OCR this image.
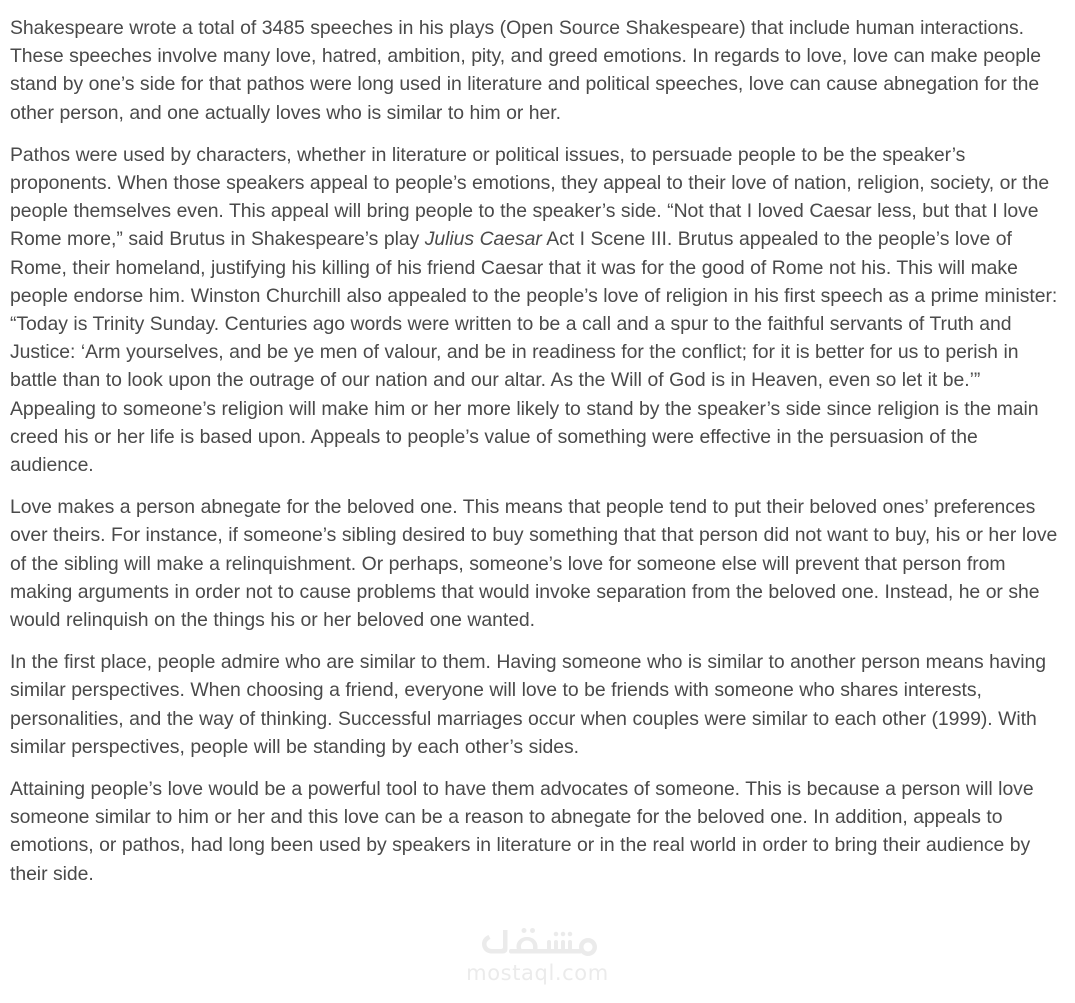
Shakespeare wrote a total of 3485 speeches in his plays (Open Source Shakespeare) that include human interactions. These speeches involve many love, hatred, ambition, pity, and greed emotions. In regards to love, love can make people stand by one’s side for that pathos were long used in literature and political speeches, love can cause abnegation for the other person, and one actually loves who is similar to him or her.

Pathos were used by characters, whether in literature or political issues, to persuade people to be the speaker’s proponents. When those speakers appeal to people’s emotions, they appeal to their love of nation, religion, society, or the people themselves even. This appeal will bring people to the speaker’s side. “Not that I loved Caesar less, but that I love Rome more,” said Brutus in Shakespeare’s play Julius Caesar Act I Scene III. Brutus appealed to the people’s love of Rome, their homeland, justifying his killing of his friend Caesar that it was for the good of Rome not his. This will make people endorse him. Winston Churchill also appealed to the people’s love of religion in his first speech as a prime minister: “Today is Trinity Sunday. Centuries ago words were written to be a call and a spur to the faithful servants of Truth and Justice: ‘Arm yourselves, and be ye men of valour, and be in readiness for the conflict; for it is better for us to perish in battle than to look upon the outrage of our nation and our altar. As the Will of God is in Heaven, even so let it be.’” Appealing to someone’s religion will make him or her more likely to stand by the speaker’s side since religion is the main creed his or her life is based upon. Appeals to people’s value of something were effective in the persuasion of the audience.

Love makes a person abnegate for the beloved one. This means that people tend to put their beloved ones’ preferences over theirs. For instance, if someone’s sibling desired to buy something that that person did not want to buy, his or her love of the sibling will make a relinquishment. Or perhaps, someone’s love for someone else will prevent that person from making arguments in order not to cause problems that would invoke separation from the beloved one. Instead, he or she would relinquish on the things his or her beloved one wanted.

In the first place, people admire who are similar to them. Having someone who is similar to another person means having similar perspectives. When choosing a friend, everyone will love to be friends with someone who shares interests, personalities, and the way of thinking. Successful marriages occur when couples were similar to each other (1999). With similar perspectives, people will be standing by each other’s sides.

Attaining people’s love would be a powerful tool to have them advocates of someone. This is because a person will love someone similar to him or her and this love can be a reason to abnegate for the beloved one. In addition, appeals to emotions, or pathos, had long been used by speakers in literature or in the real world in order to bring their audience by their side.

mostaql.com
